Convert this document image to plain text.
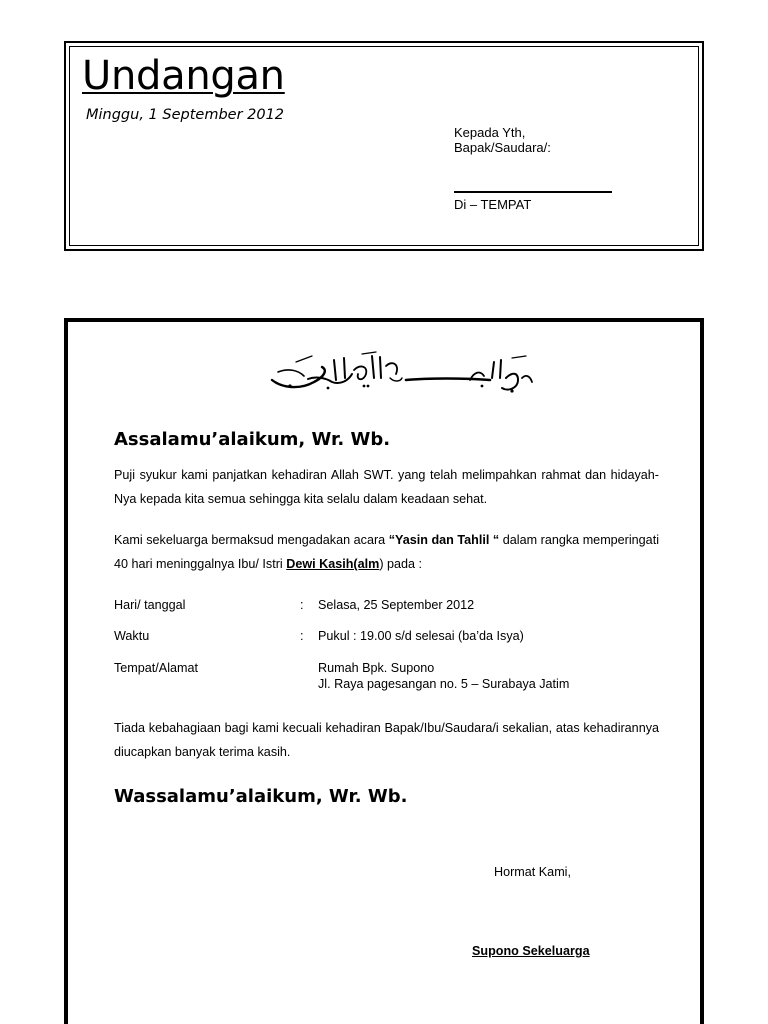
Undangan
Minggu, 1 September 2012
Kepada Yth,
Bapak/Saudara/:
Di – TEMPAT
Assalamu’alaikum, Wr. Wb.

Puji syukur kami panjatkan kehadiran Allah SWT. yang telah melimpahkan rahmat dan hidayah-Nya kepada kita semua sehingga kita selalu dalam keadaan sehat.

Kami sekeluarga bermaksud mengadakan acara “Yasin dan Tahlil “ dalam rangka memperingati 40 hari meninggalnya Ibu/ Istri Dewi Kasih(alm) pada :

Hari/ tanggal	: Selasa, 25 September 2012
Waktu	: Pukul : 19.00 s/d selesai (ba’da Isya)
Tempat/Alamat	Rumah Bpk. Supono
Jl. Raya pagesangan no. 5 – Surabaya Jatim

Tiada kebahagiaan bagi kami kecuali kehadiran Bapak/Ibu/Saudara/i sekalian, atas kehadirannya diucapkan banyak terima kasih.

Wassalamu’alaikum, Wr. Wb.
Hormat Kami,
Supono Sekeluarga
